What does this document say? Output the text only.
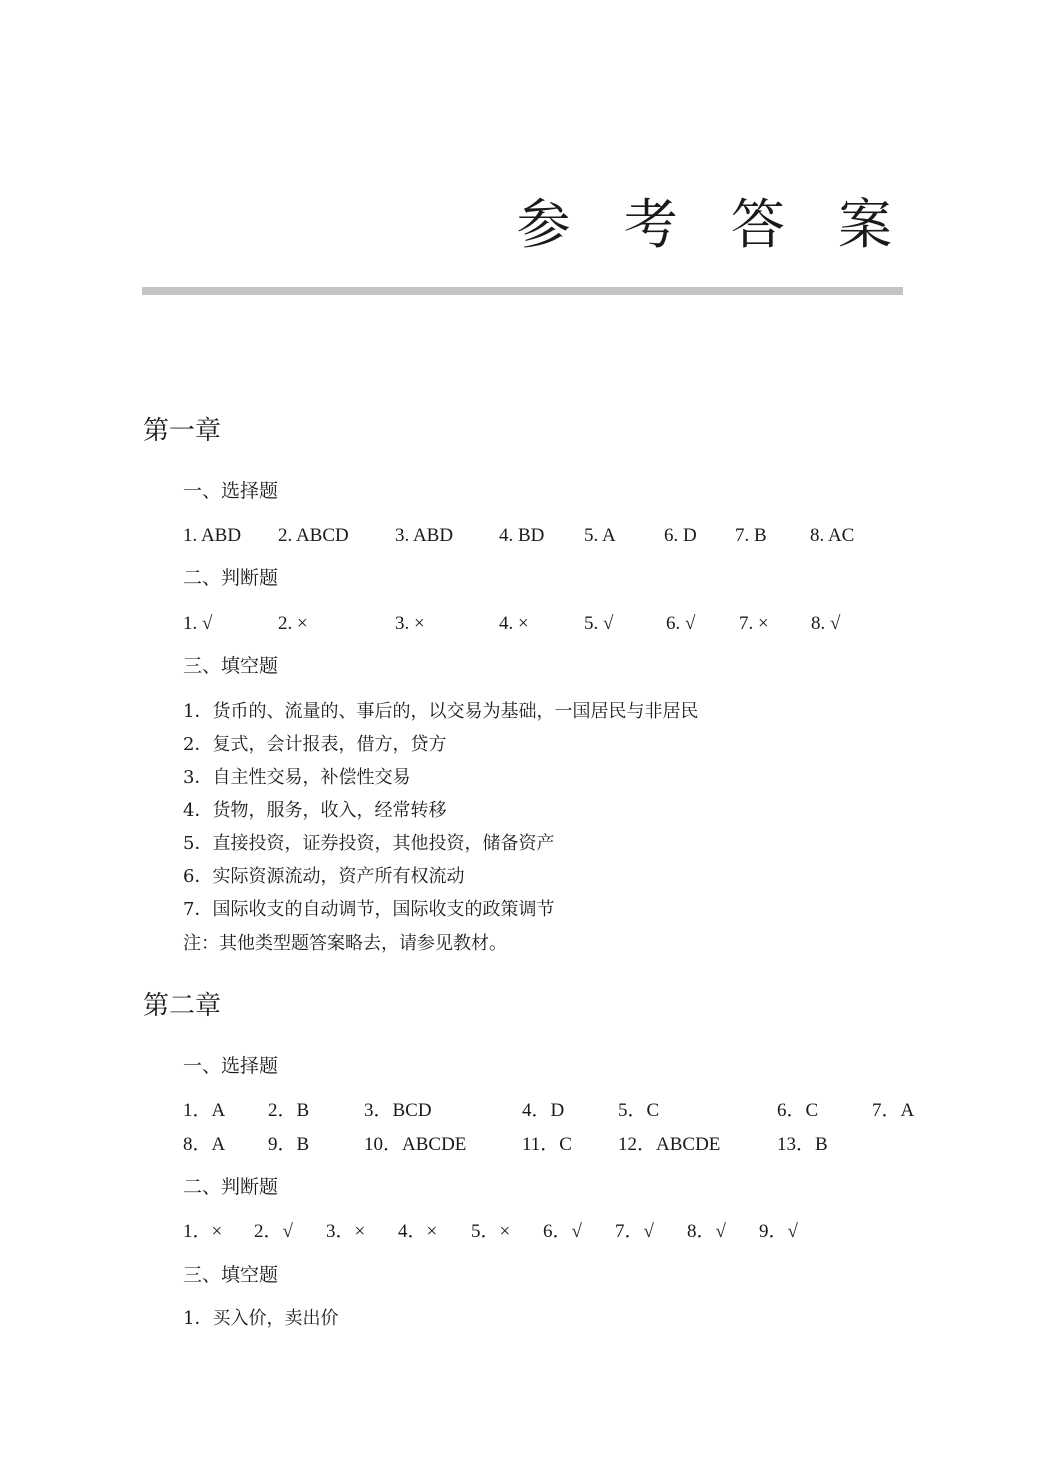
参 考 答 案
第一章
一、选择题
1. ABD 2. ABCD 3. ABD 4. BD 5. A	6. D 7. B 8. AC
二、判断题
1. √	2. ×	3. ×	4. ×	5. √	6. √ 7. × 8. √
三、填空题
1．货币的、流量的、事后的，以交易为基础，一国居民与非居民
2．复式，会计报表，借方，贷方
3．自主性交易，补偿性交易
4．货物，服务，收入，经常转移
5．直接投资，证券投资，其他投资，储备资产
6．实际资源流动，资产所有权流动
7．国际收支的自动调节，国际收支的政策调节
注：其他类型题答案略去，请参见教材。
第二章
一、选择题
1．A 2．B	3．BCD	4．D	5．C	6．C	7．A
8．A 9．B	10．ABCDE	11．C 12．ABCDE	13．B
二、判断题
1．× 2．√ 3．× 4．× 5．× 6．√ 7．√ 8．√ 9．√
三、填空题
1．买入价，卖出价
